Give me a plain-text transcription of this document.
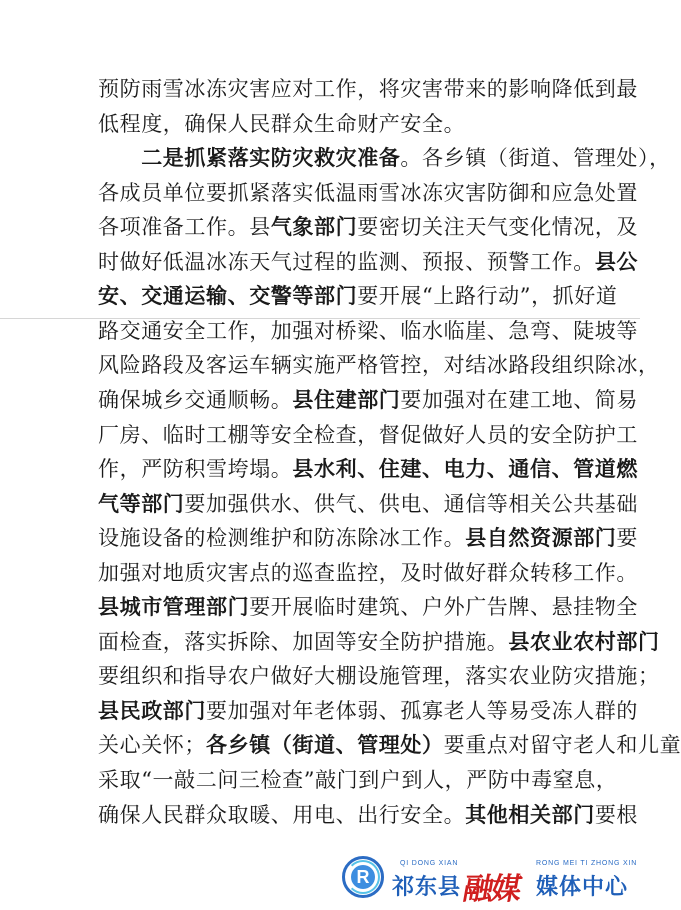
预防雨雪冰冻灾害应对工作，将灾害带来的影响降低到最
低程度，确保人民群众生命财产安全。
　　二是抓紧落实防灾救灾准备。各乡镇（街道、管理处），
各成员单位要抓紧落实低温雨雪冰冻灾害防御和应急处置
各项准备工作。县气象部门要密切关注天气变化情况，及
时做好低温冰冻天气过程的监测、预报、预警工作。县公
安、交通运输、交警等部门要开展“上路行动”，抓好道
路交通安全工作，加强对桥梁、临水临崖、急弯、陡坡等
风险路段及客运车辆实施严格管控，对结冰路段组织除冰，
确保城乡交通顺畅。县住建部门要加强对在建工地、简易
厂房、临时工棚等安全检查，督促做好人员的安全防护工
作，严防积雪垮塌。县水利、住建、电力、通信、管道燃
气等部门要加强供水、供气、供电、通信等相关公共基础
设施设备的检测维护和防冻除冰工作。县自然资源部门要
加强对地质灾害点的巡查监控，及时做好群众转移工作。
县城市管理部门要开展临时建筑、户外广告牌、悬挂物全
面检查，落实拆除、加固等安全防护措施。县农业农村部门
要组织和指导农户做好大棚设施管理，落实农业防灾措施；
县民政部门要加强对年老体弱、孤寡老人等易受冻人群的
关心关怀；各乡镇（街道、管理处）要重点对留守老人和儿童
采取“一敲二问三检查”敲门到户到人，严防中毒窒息，
确保人民群众取暖、用电、出行安全。其他相关部门要根
R
QI DONG XIAN	RONG MEI TI ZHONG XIN
祁东县 融媒 媒体中心
